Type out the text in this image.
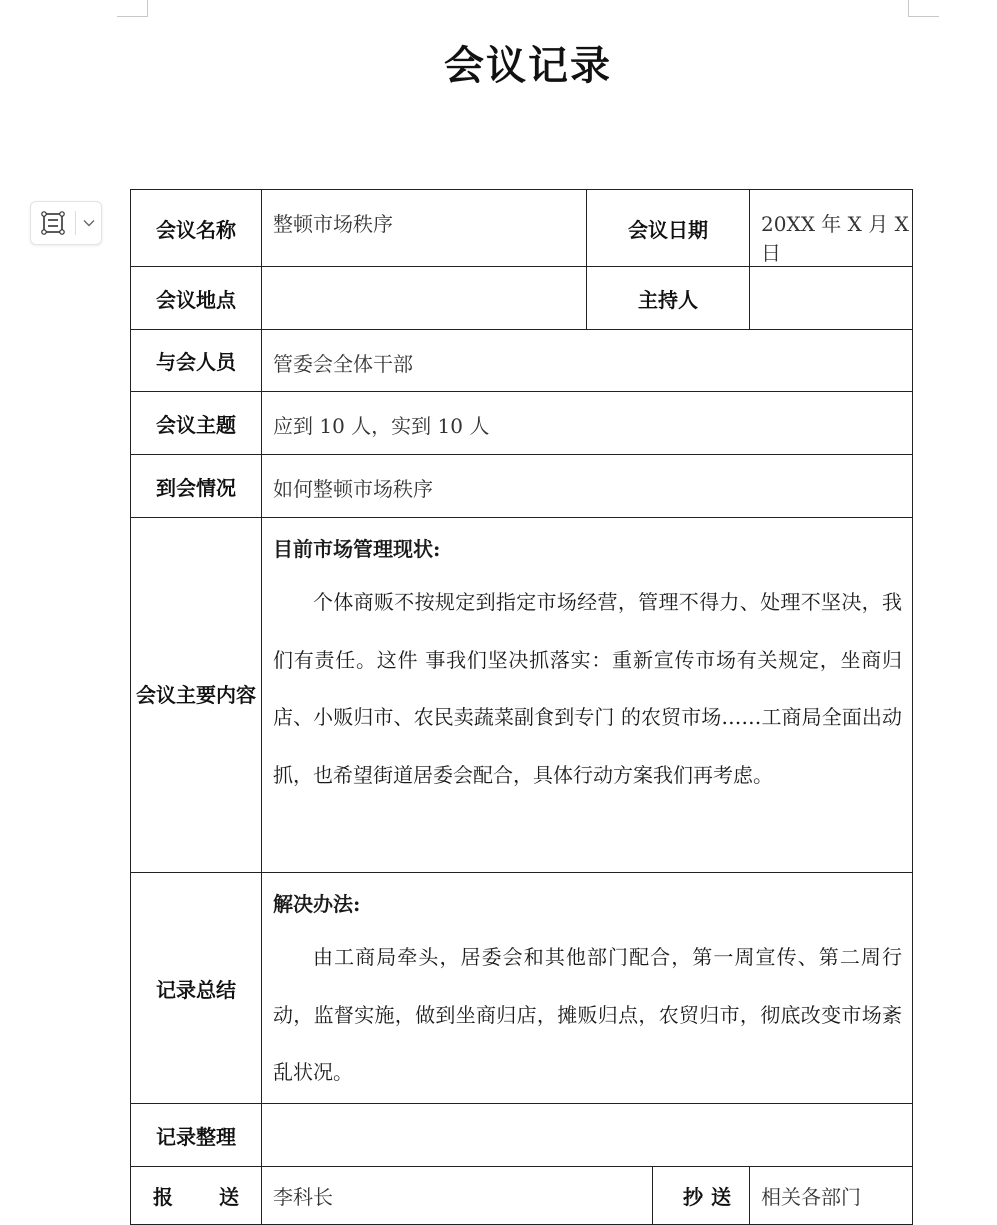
会议记录
会议名称	整顿市场秩序	会议日期		20XX 年 X 月 X 日
会议地点		主持人		
与会人员	管委会全体干部			
会议主题	应到 10 人，实到 10 人			
到会情况	如何整顿市场秩序			

会议主要内容	目前市场管理现状:
个体商贩不按规定到指定市场经营，管理不得力、处理不坚决，我们有责任。这件 事我们坚决抓落实：重新宣传市场有关规定，坐商归店、小贩归市、农民卖蔬菜副食到专门 的农贸市场……工商局全面出动抓，也希望街道居委会配合，具体行动方案我们再考虑。			

记录总结	解决办法:
由工商局牵头，居委会和其他部门配合，第一周宣传、第二周行动，监督实施，做到坐商归店，摊贩归点，农贸归市，彻底改变市场紊乱状况。			

记录整理				

报 送	李科长		抄 送	相关各部门
